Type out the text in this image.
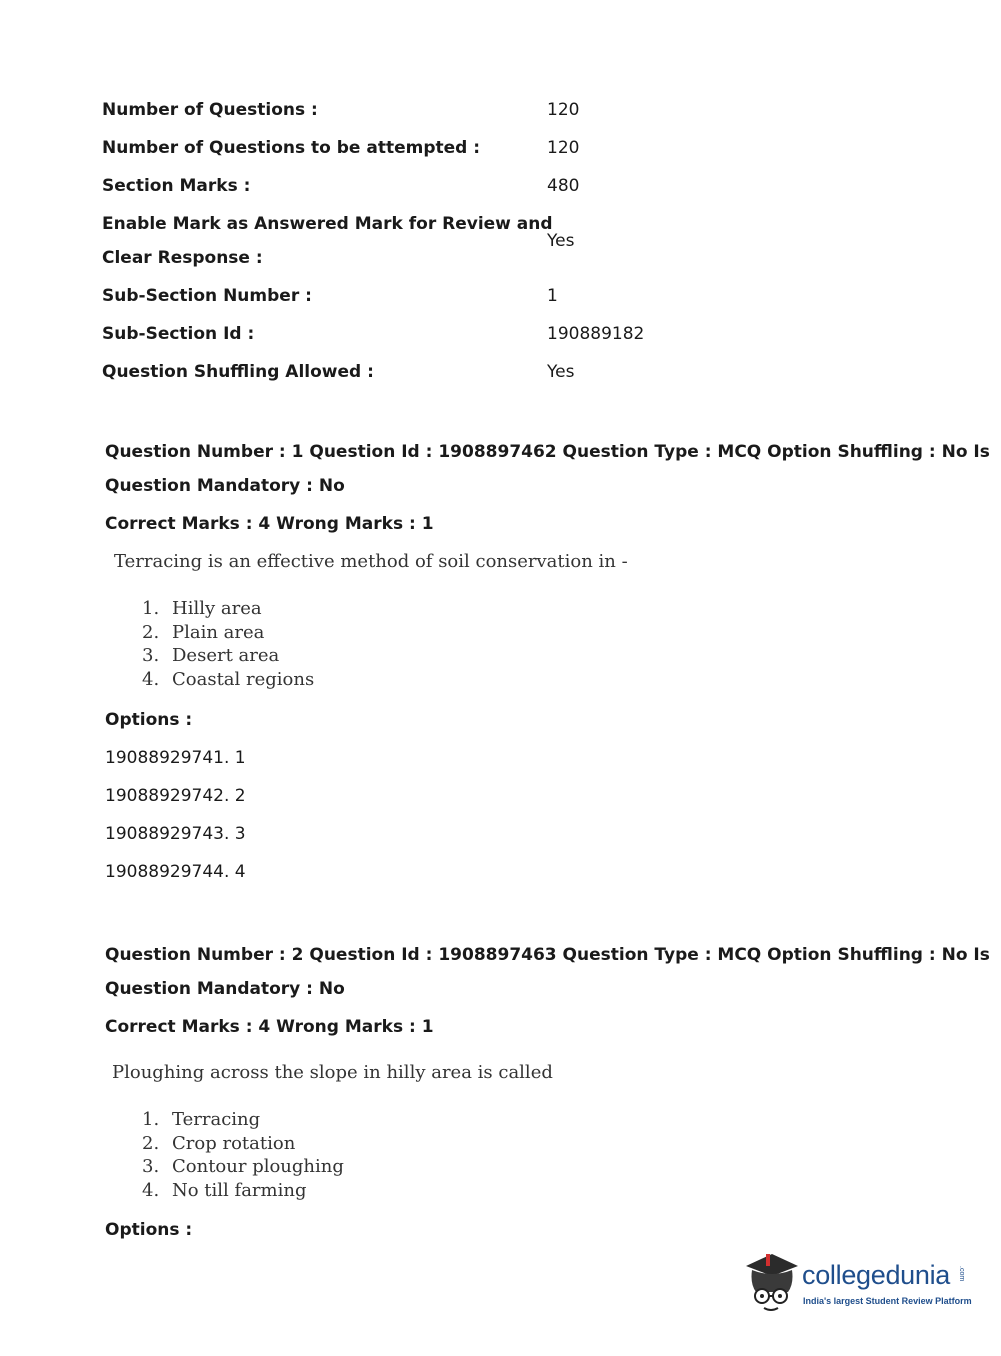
Number of Questions :	120
Number of Questions to be attempted :	120
Section Marks :	480
Enable Mark as Answered Mark for Review and
Clear Response :
Yes
Sub-Section Number :	1
Sub-Section Id :	190889182
Question Shuffling Allowed :	Yes
Question Number : 1 Question Id : 1908897462 Question Type : MCQ Option Shuffling : No Is
Question Mandatory : No
Correct Marks : 4 Wrong Marks : 1
Terracing is an effective method of soil conservation in -
1. Hilly area
2. Plain area
3. Desert area
4. Coastal regions
Options :
19088929741. 1
19088929742. 2
19088929743. 3
19088929744. 4
Question Number : 2 Question Id : 1908897463 Question Type : MCQ Option Shuffling : No Is
Question Mandatory : No
Correct Marks : 4 Wrong Marks : 1
Ploughing across the slope in hilly area is called
1. Terracing
2. Crop rotation
3. Contour ploughing
4. No till farming
Options :
collegedunia .com
India's largest Student Review Platform
